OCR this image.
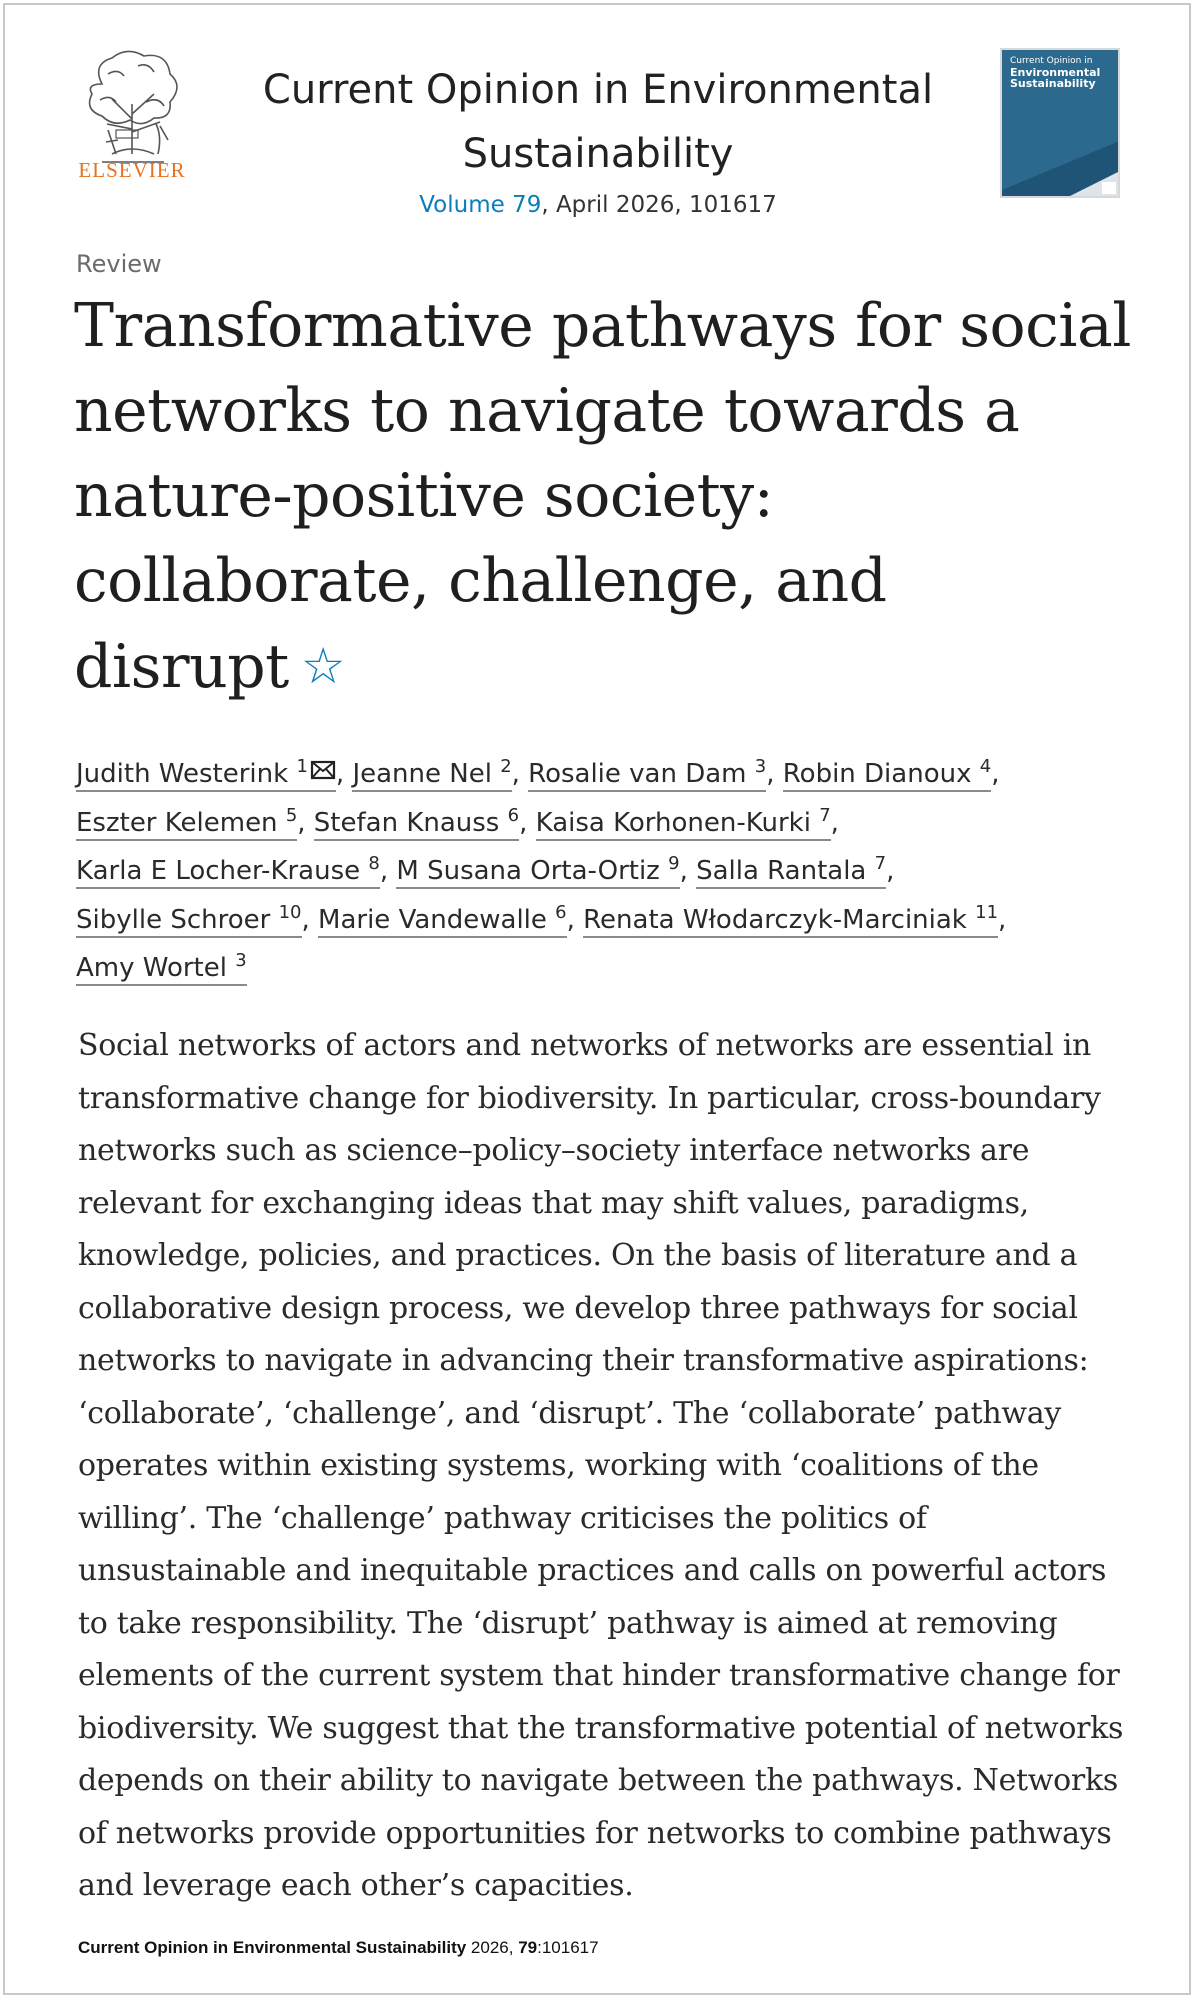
ELSEVIER
Current Opinion in Environmental
Sustainability
Volume 79, April 2026, 101617
Current Opinion in
Environmental
Sustainability
Review
Transformative pathways for social
networks to navigate towards a
nature-positive society:
collaborate, challenge, and
disrupt ☆
Judith Westerink $^1$ , Jeanne Nel $^2$, Rosalie van Dam $^3$, Robin Dianoux $^4$,
Eszter Kelemen $^5$, Stefan Knauss $^6$, Kaisa Korhonen-Kurki $^7$,
Karla E Locher-Krause $^8$, M Susana Orta-Ortiz $^9$, Salla Rantala $^7$,
Sibylle Schroer $^{10}$, Marie Vandewalle $^6$, Renata Włodarczyk-Marciniak $^{11}$,
Amy Wortel $^3$

Social networks of actors and networks of networks are essential in
transformative change for biodiversity. In particular, cross-boundary
networks such as science–policy–society interface networks are
relevant for exchanging ideas that may shift values, paradigms,
knowledge, policies, and practices. On the basis of literature and a
collaborative design process, we develop three pathways for social
networks to navigate in advancing their transformative aspirations:
‘collaborate’, ‘challenge’, and ‘disrupt’. The ‘collaborate’ pathway
operates within existing systems, working with ‘coalitions of the
willing’. The ‘challenge’ pathway criticises the politics of
unsustainable and inequitable practices and calls on powerful actors
to take responsibility. The ‘disrupt’ pathway is aimed at removing
elements of the current system that hinder transformative change for
biodiversity. We suggest that the transformative potential of networks
depends on their ability to navigate between the pathways. Networks
of networks provide opportunities for networks to combine pathways
and leverage each other’s capacities.

Current Opinion in Environmental Sustainability 2026, 79:101617
